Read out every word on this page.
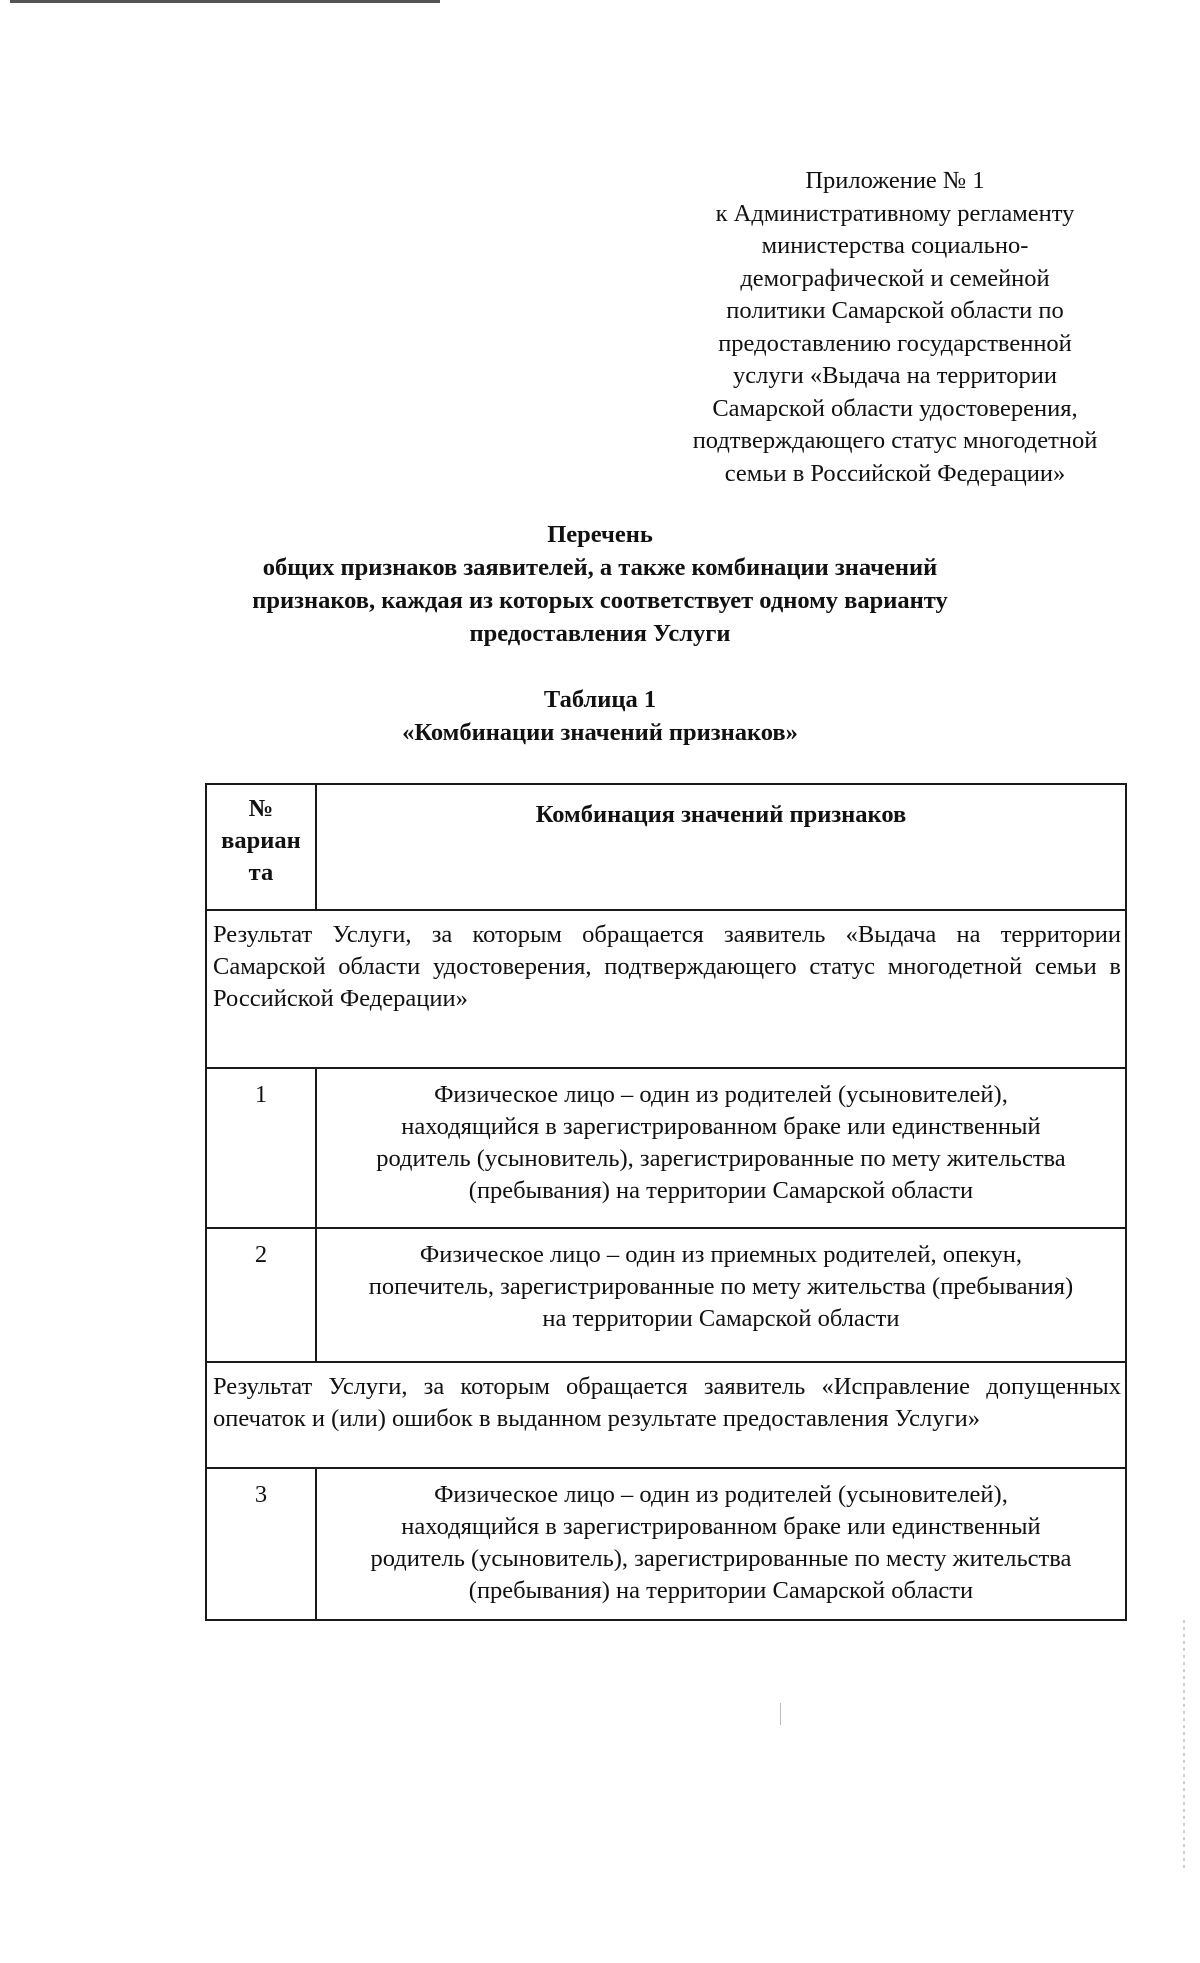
Приложение № 1
к Административному регламенту
министерства социально-
демографической и семейной
политики Самарской области по
предоставлению государственной
услуги «Выдача на территории
Самарской области удостоверения,
подтверждающего статус многодетной
семьи в Российской Федерации»
Перечень
общих признаков заявителей, а также комбинации значений
признаков, каждая из которых соответствует одному варианту
предоставления Услуги
Таблица 1
«Комбинации значений признаков»
№
вариан
та	Комбинация значений признаков
Результат Услуги, за которым обращается заявитель «Выдача на территории Самарской области удостоверения, подтверждающего статус многодетной семьи в Российской Федерации»	
1	Физическое лицо – один из родителей (усыновителей),
находящийся в зарегистрированном браке или единственный
родитель (усыновитель), зарегистрированные по мету жительства
(пребывания) на территории Самарской области

2	Физическое лицо – один из приемных родителей, опекун,
попечитель, зарегистрированные по мету жительства (пребывания)
на территории Самарской области

Результат Услуги, за которым обращается заявитель «Исправление допущенных опечаток и (или) ошибок в выданном результате предоставления Услуги»	
3	Физическое лицо – один из родителей (усыновителей),
находящийся в зарегистрированном браке или единственный
родитель (усыновитель), зарегистрированные по месту жительства
(пребывания) на территории Самарской области
